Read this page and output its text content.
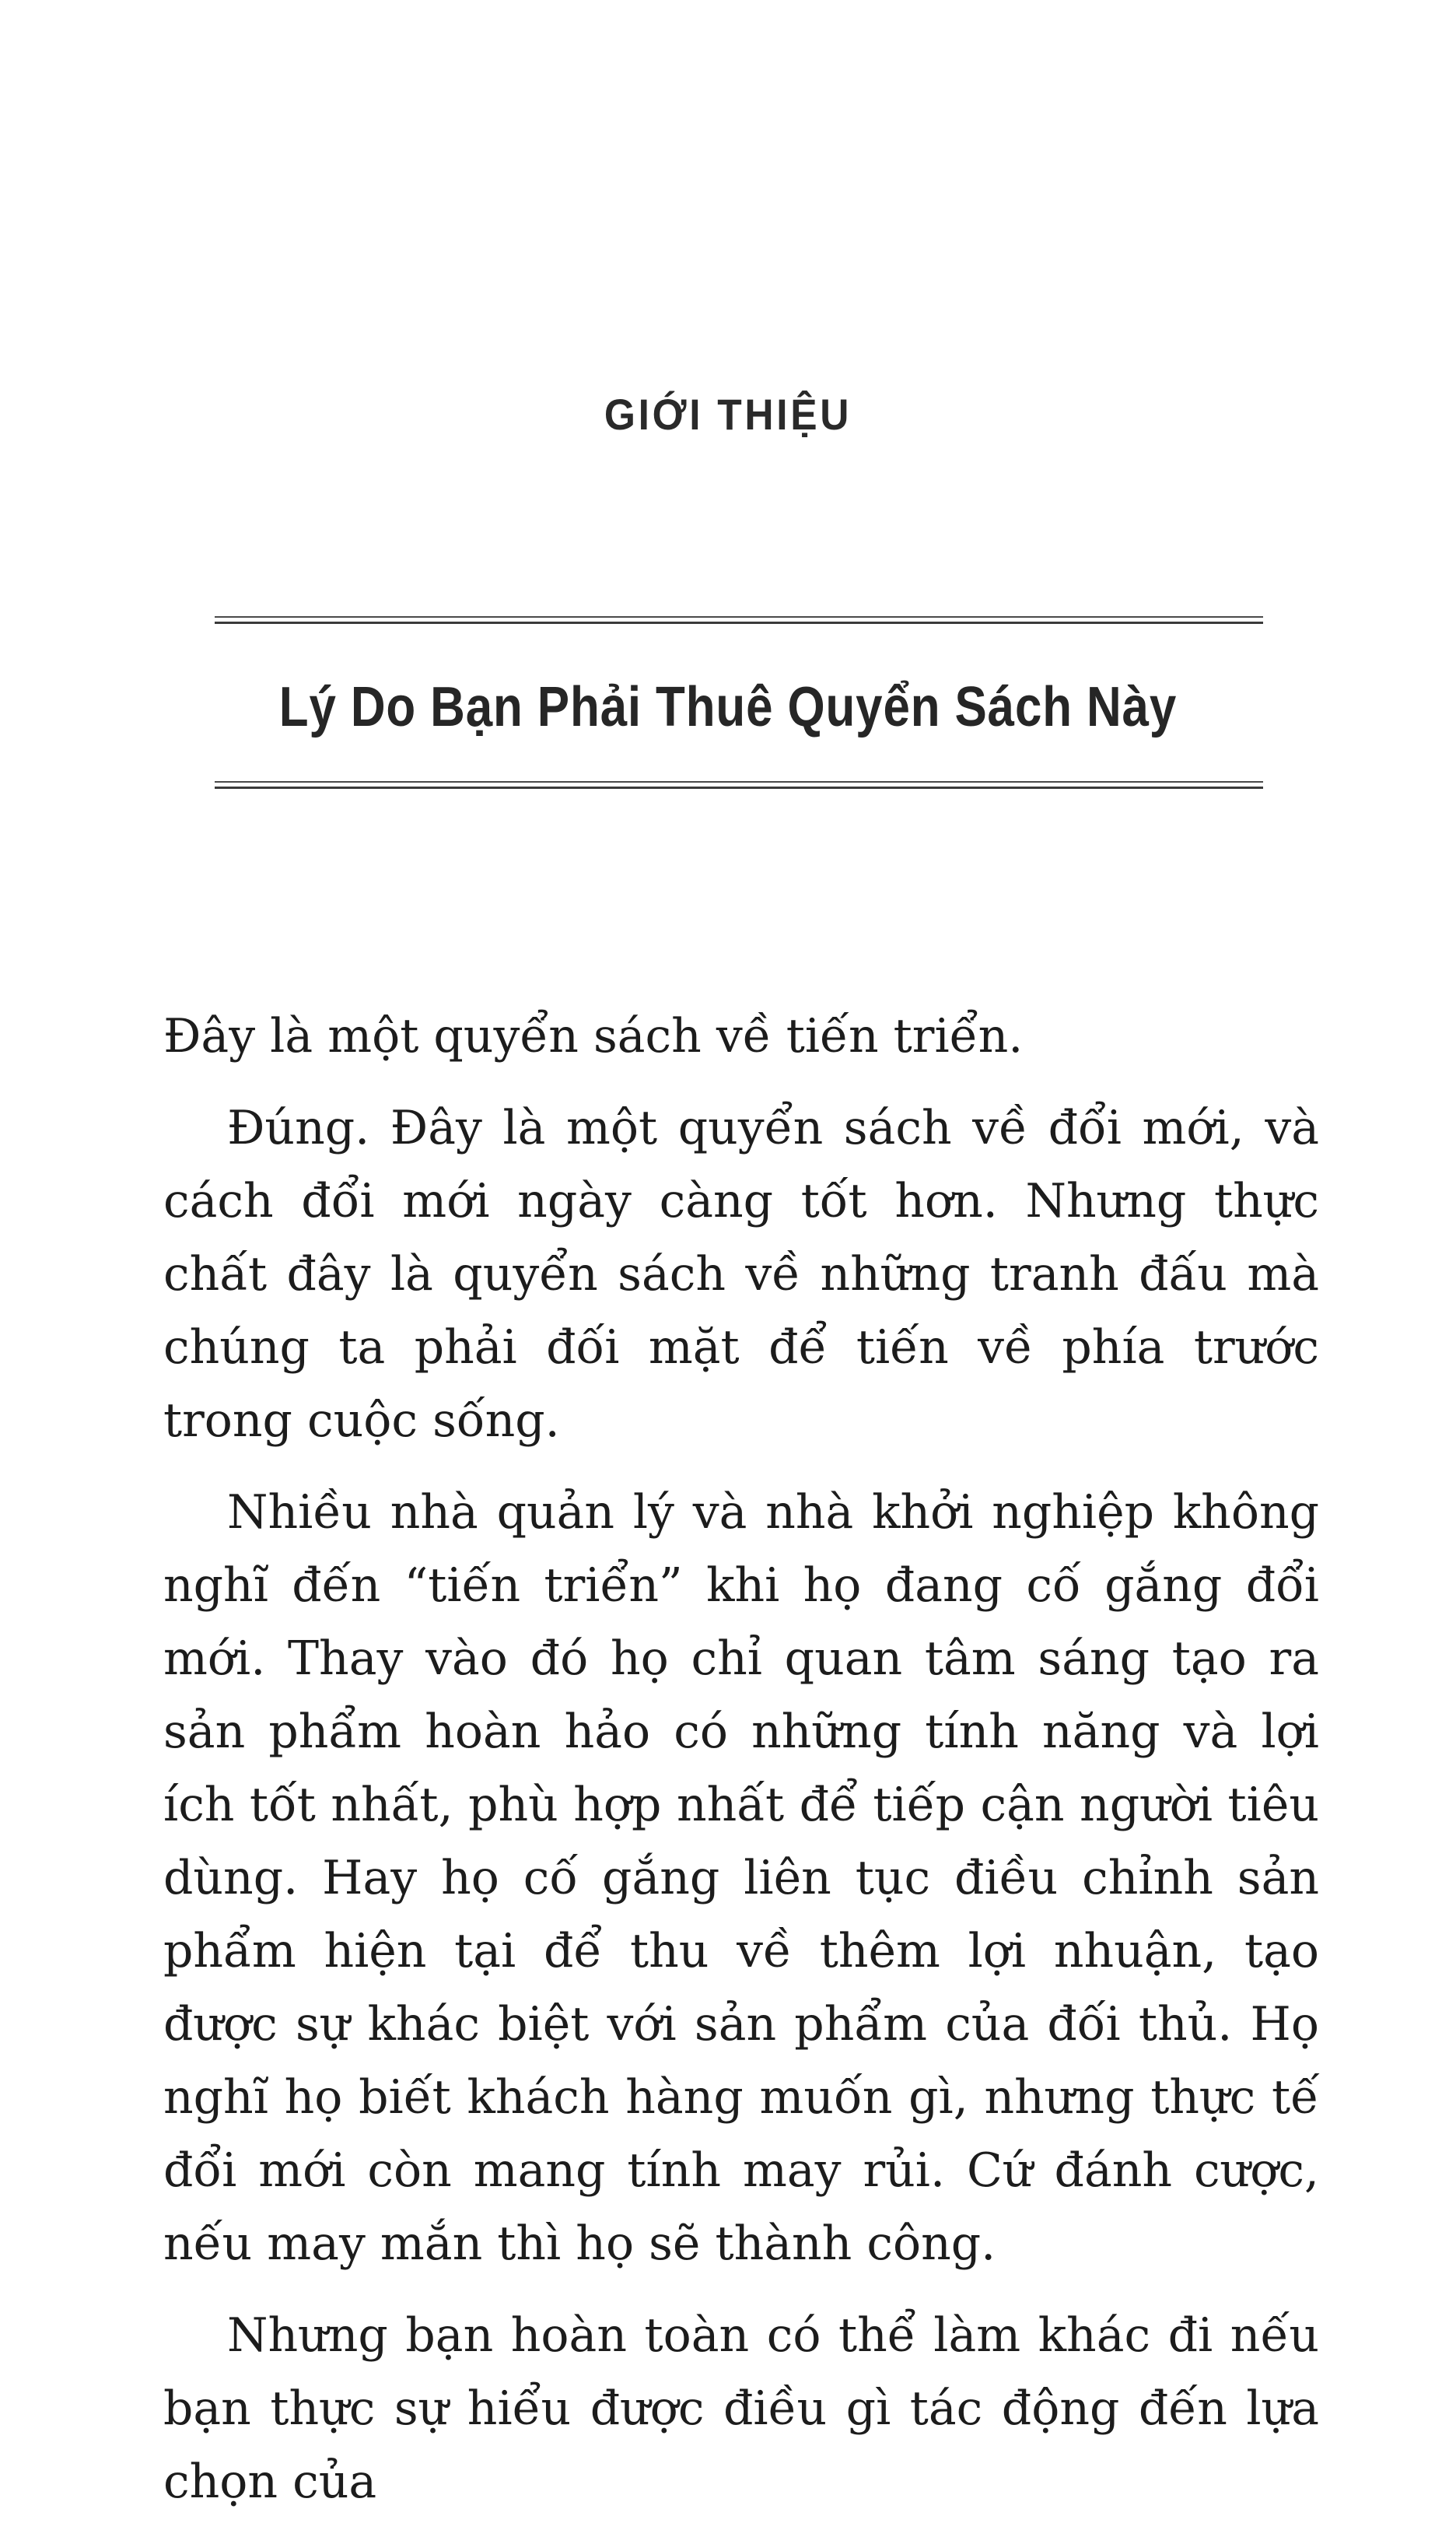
GIỚI THIỆU
Lý Do Bạn Phải Thuê Quyển Sách Này

Đây là một quyển sách về tiến triển.

Đúng. Đây là một quyển sách về đổi mới, và cách đổi mới ngày càng tốt hơn. Nhưng thực chất đây là quyển sách về những tranh đấu mà chúng ta phải đối mặt để tiến về phía trước trong cuộc sống.

Nhiều nhà quản lý và nhà khởi nghiệp không nghĩ đến “tiến triển” khi họ đang cố gắng đổi mới. Thay vào đó họ chỉ quan tâm sáng tạo ra sản phẩm hoàn hảo có những tính năng và lợi ích tốt nhất, phù hợp nhất để tiếp cận người tiêu dùng. Hay họ cố gắng liên tục điều chỉnh sản phẩm hiện tại để thu về thêm lợi nhuận, tạo được sự khác biệt với sản phẩm của đối thủ. Họ nghĩ họ biết khách hàng muốn gì, nhưng thực tế đổi mới còn mang tính may rủi. Cứ đánh cược, nếu may mắn thì họ sẽ thành công.

Nhưng bạn hoàn toàn có thể làm khác đi nếu bạn thực sự hiểu được điều gì tác động đến lựa chọn của
